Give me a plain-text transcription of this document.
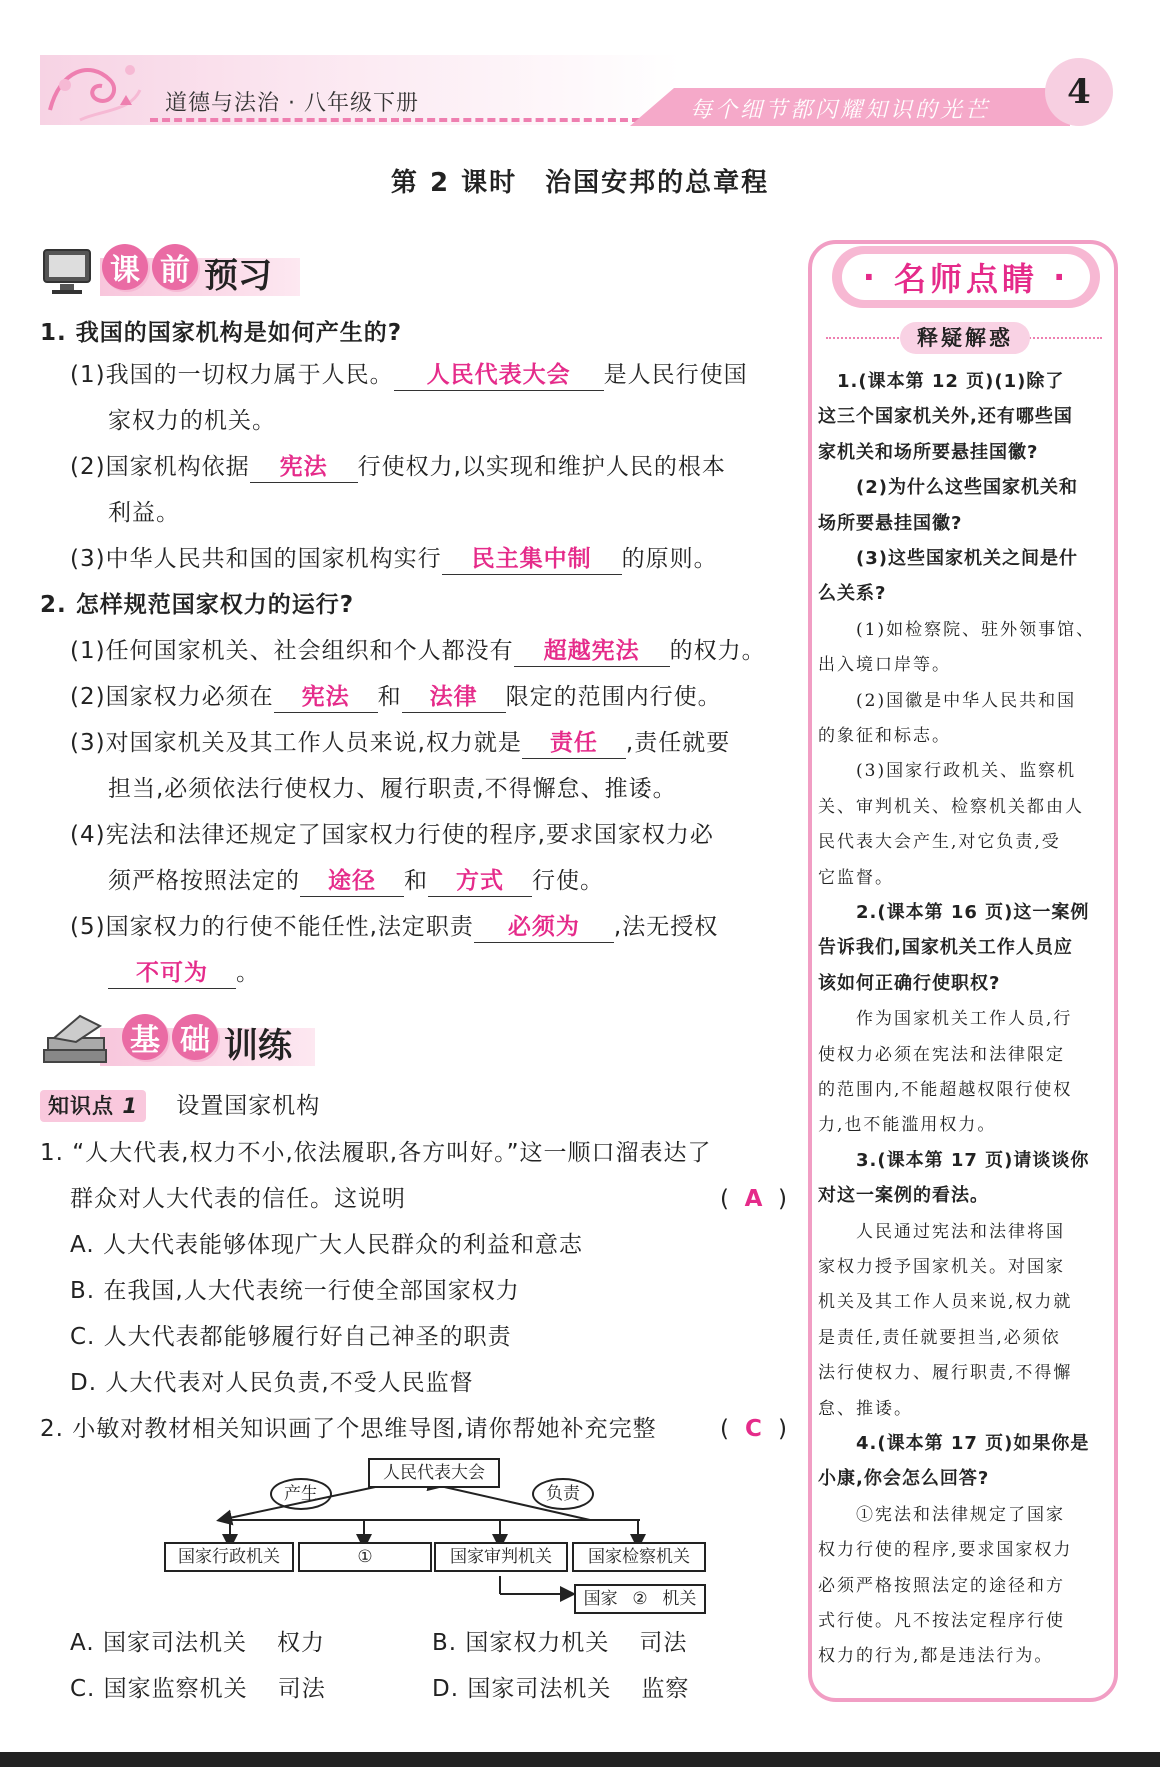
道德与法治 · 八年级下册	每个细节都闪耀知识的光芒	4
第 2 课时　治国安邦的总章程
课 前 预习
1. 我国的国家机构是如何产生的?
(1)我国的一切权力属于人民。 人民代表大会 是人民行使国
家权力的机关。
(2)国家机构依据 宪法 行使权力,以实现和维护人民的根本
利益。
(3)中华人民共和国的国家机构实行 民主集中制 的原则。
2. 怎样规范国家权力的运行?
(1)任何国家机关、社会组织和个人都没有 超越宪法 的权力。
(2)国家权力必须在 宪法 和 法律 限定的范围内行使。
(3)对国家机关及其工作人员来说,权力就是 责任 ,责任就要
担当,必须依法行使权力、履行职责,不得懈怠、推诿。
(4)宪法和法律还规定了国家权力行使的程序,要求国家权力必
须严格按照法定的 途径 和 方式 行使。
(5)国家权力的行使不能任性,法定职责 必须为 ,法无授权
不可为 。
基 础 训练
知识点 1 设置国家机构
1. “人大代表,权力不小,依法履职,各方叫好。”这一顺口溜表达了
群众对人大代表的信任。这说明	( A )
A. 人大代表能够体现广大人民群众的利益和意志
B. 在我国,人大代表统一行使全部国家权力
C. 人大代表都能够履行好自己神圣的职责
D. 人大代表对人民负责,不受人民监督
2. 小敏对教材相关知识画了个思维导图,请你帮她补充完整	( C )
人民代表大会
产生	负责
国家行政机关	①	国家审判机关	国家检察机关
国家 ② 机关
A. 国家司法机关 权力	B. 国家权力机关 司法
C. 国家监察机关 司法	D. 国家司法机关 监察
· 名师点睛 ·
释疑解惑
　1.(课本第 12 页)(1)除了
这三个国家机关外,还有哪些国
家机关和场所要悬挂国徽?
　　(2)为什么这些国家机关和
场所要悬挂国徽?
　　(3)这些国家机关之间是什
么关系?
　　(1)如检察院、驻外领事馆、
出入境口岸等。
　　(2)国徽是中华人民共和国
的象征和标志。
　　(3)国家行政机关、监察机
关、审判机关、检察机关都由人
民代表大会产生,对它负责,受
它监督。
　　2.(课本第 16 页)这一案例
告诉我们,国家机关工作人员应
该如何正确行使职权?
　　作为国家机关工作人员,行
使权力必须在宪法和法律限定
的范围内,不能超越权限行使权
力,也不能滥用权力。
　　3.(课本第 17 页)请谈谈你
对这一案例的看法。
　　人民通过宪法和法律将国
家权力授予国家机关。对国家
机关及其工作人员来说,权力就
是责任,责任就要担当,必须依
法行使权力、履行职责,不得懈
怠、推诿。
　　4.(课本第 17 页)如果你是
小康,你会怎么回答?
　　①宪法和法律规定了国家
权力行使的程序,要求国家权力
必须严格按照法定的途径和方
式行使。凡不按法定程序行使
权力的行为,都是违法行为。
